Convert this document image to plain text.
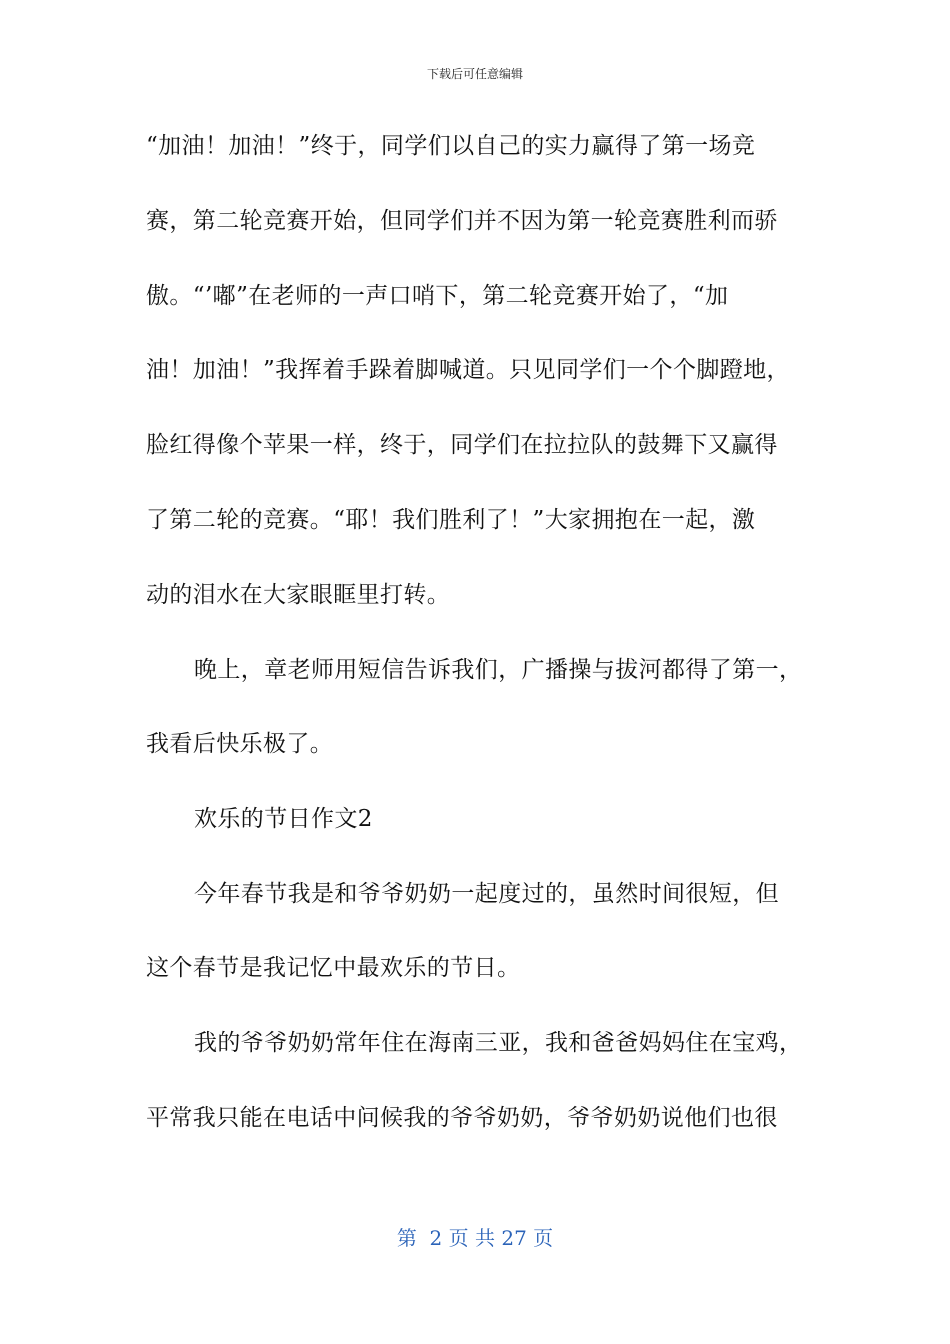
下载后可任意编辑
“加油！加油！”终于，同学们以自己的实力赢得了第一场竞
赛，第二轮竞赛开始，但同学们并不因为第一轮竞赛胜利而骄
傲。“’嘟”在老师的一声口哨下，第二轮竞赛开始了，“加
油！加油！”我挥着手跺着脚喊道。只见同学们一个个脚蹬地，
脸红得像个苹果一样，终于，同学们在拉拉队的鼓舞下又赢得
了第二轮的竞赛。“耶！我们胜利了！”大家拥抱在一起，激
动的泪水在大家眼眶里打转。
晚上，章老师用短信告诉我们，广播操与拔河都得了第一，
我看后快乐极了。
欢乐的节日作文2
今年春节我是和爷爷奶奶一起度过的，虽然时间很短，但
这个春节是我记忆中最欢乐的节日。
我的爷爷奶奶常年住在海南三亚，我和爸爸妈妈住在宝鸡，
平常我只能在电话中问候我的爷爷奶奶，爷爷奶奶说他们也很
第  2 页 共 27 页
